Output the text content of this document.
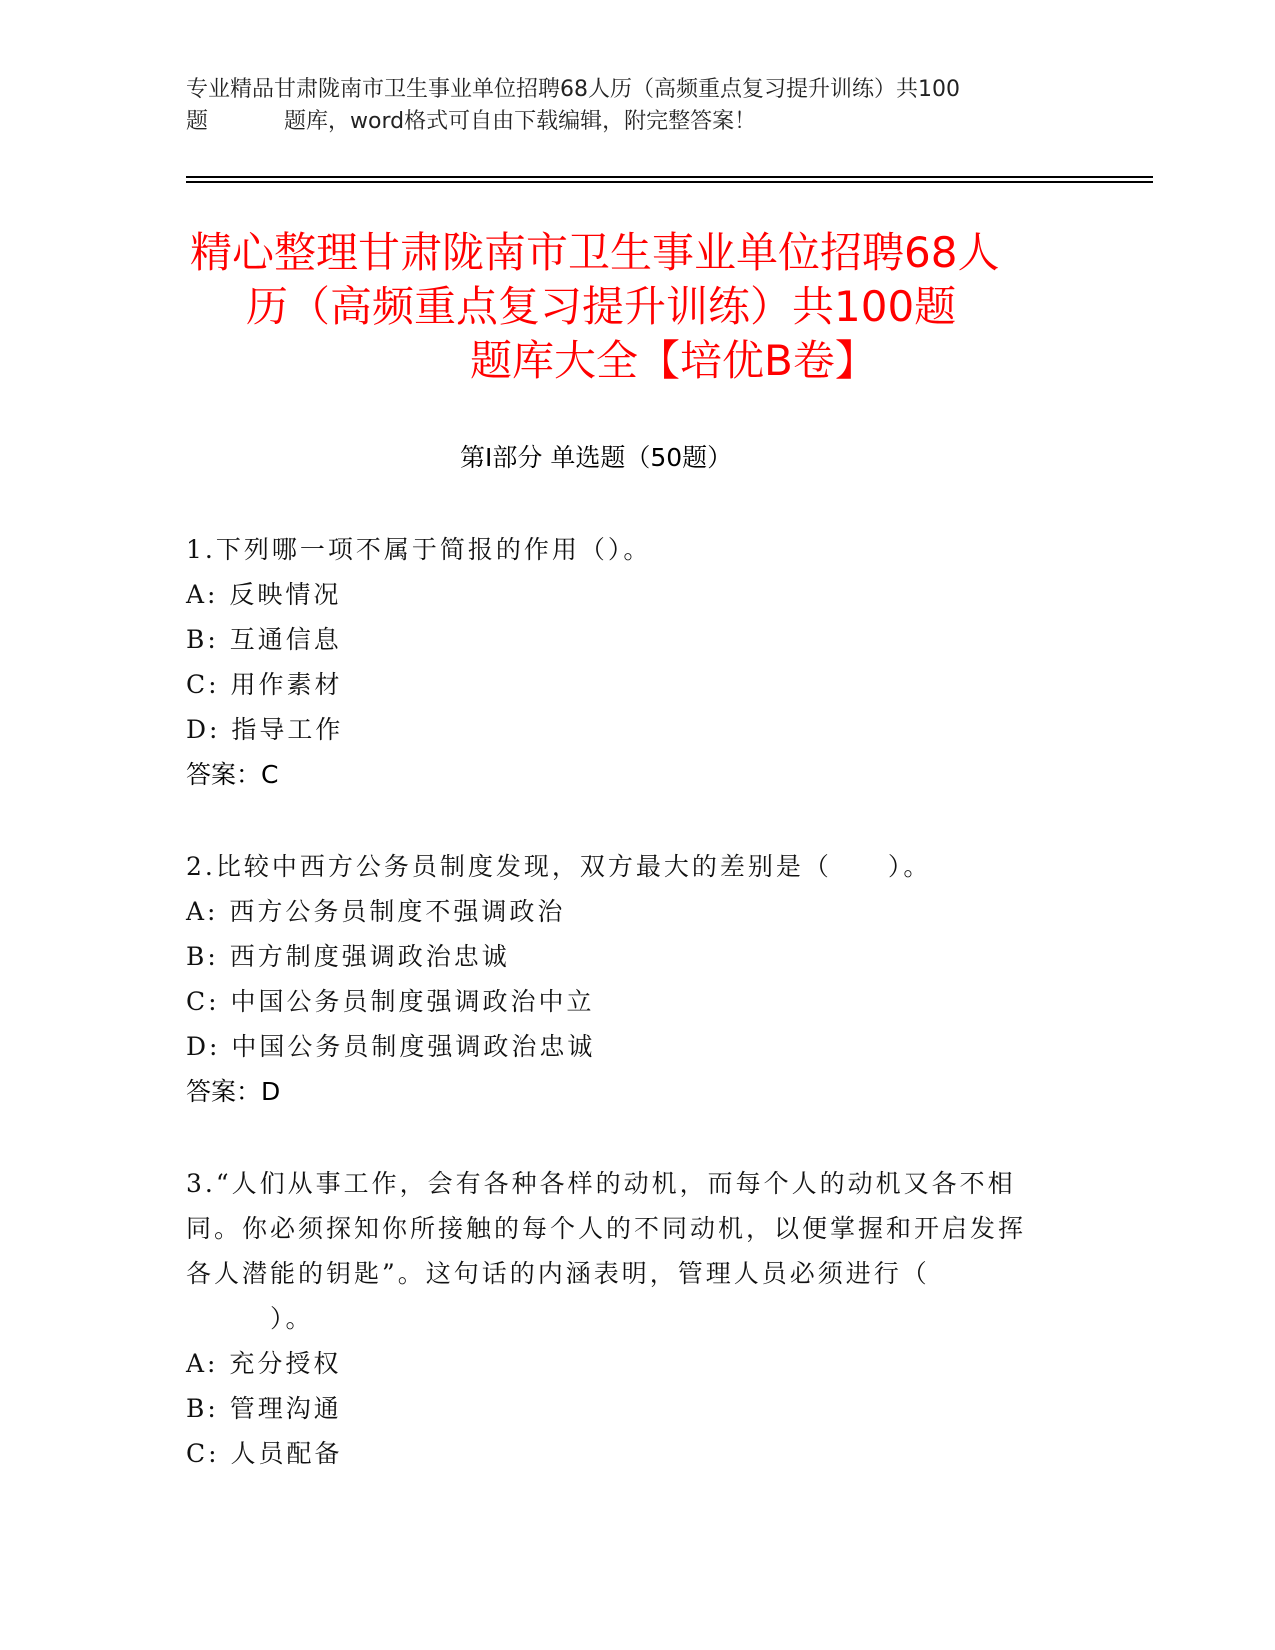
专业精品甘肃陇南市卫生事业单位招聘68人历（高频重点复习提升训练）共100
题	题库，word格式可自由下载编辑，附完整答案！
精心整理甘肃陇南市卫生事业单位招聘68人
历（高频重点复习提升训练）共100题
题库大全【培优B卷】
第Ⅰ部分 单选题（50题）
1.下列哪一项不属于简报的作用（）。
A: 反映情况
B: 互通信息
C: 用作素材
D: 指导工作
答案：C
2.比较中西方公务员制度发现，双方最大的差别是（　　）。
A: 西方公务员制度不强调政治
B: 西方制度强调政治忠诚
C: 中国公务员制度强调政治中立
D: 中国公务员制度强调政治忠诚
答案：D
3.“人们从事工作，会有各种各样的动机，而每个人的动机又各不相
同。你必须探知你所接触的每个人的不同动机，以便掌握和开启发挥
各人潜能的钥匙”。这句话的内涵表明，管理人员必须进行（
　　　）。
A: 充分授权
B: 管理沟通
C: 人员配备
